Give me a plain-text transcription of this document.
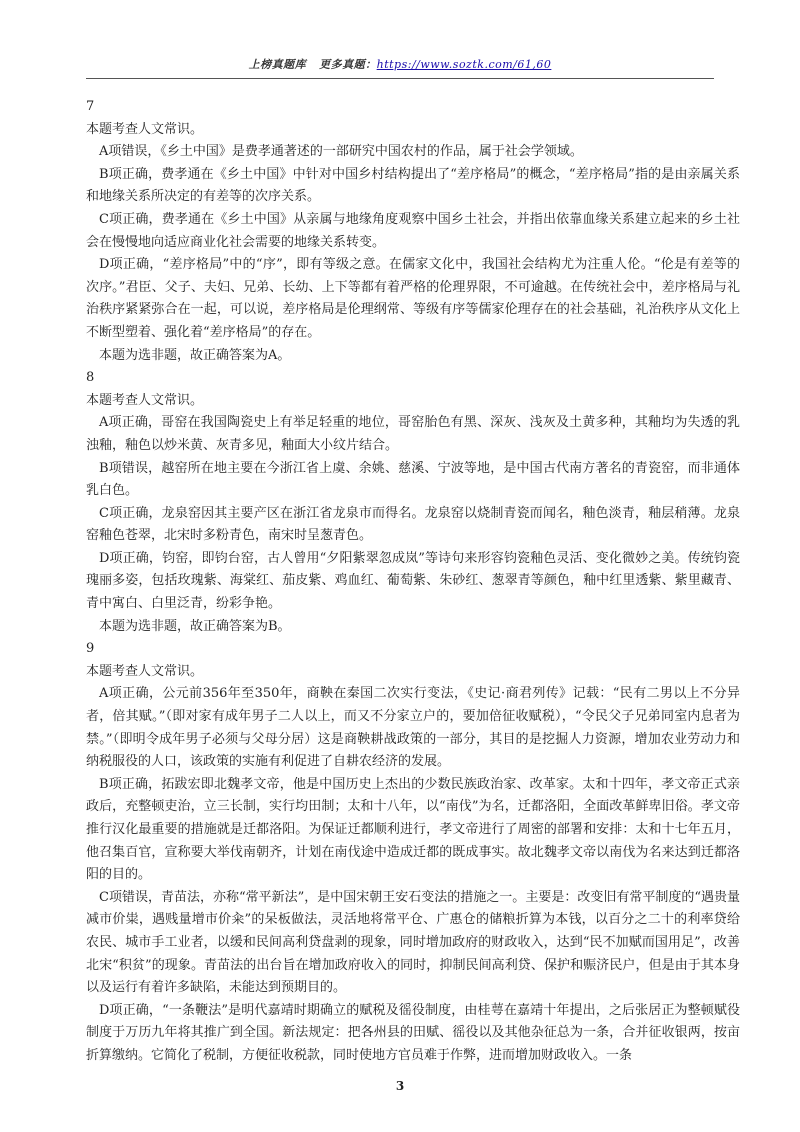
上榜真题库 更多真题：https://www.soztk.com/61,60

7

本题考查人文常识。

A项错误，《乡土中国》是费孝通著述的一部研究中国农村的作品，属于社会学领域。

B项正确，费孝通在《乡土中国》中针对中国乡村结构提出了“差序格局”的概念，“差序格局”指的是由亲属关系和地缘关系所决定的有差等的次序关系。

C项正确，费孝通在《乡土中国》从亲属与地缘角度观察中国乡土社会，并指出依靠血缘关系建立起来的乡土社会在慢慢地向适应商业化社会需要的地缘关系转变。

D项正确，“差序格局”中的“序”，即有等级之意。在儒家文化中，我国社会结构尤为注重人伦。“伦是有差等的次序。”君臣、父子、夫妇、兄弟、长幼、上下等都有着严格的伦理界限，不可逾越。在传统社会中，差序格局与礼治秩序紧紧弥合在一起，可以说，差序格局是伦理纲常、等级有序等儒家伦理存在的社会基础，礼治秩序从文化上不断型塑着、强化着“差序格局”的存在。

本题为选非题，故正确答案为A。

8

本题考查人文常识。

A项正确，哥窑在我国陶瓷史上有举足轻重的地位，哥窑胎色有黑、深灰、浅灰及土黄多种，其釉均为失透的乳浊釉，釉色以炒米黄、灰青多见，釉面大小纹片结合。

B项错误，越窑所在地主要在今浙江省上虞、余姚、慈溪、宁波等地，是中国古代南方著名的青瓷窑，而非通体乳白色。

C项正确，龙泉窑因其主要产区在浙江省龙泉市而得名。龙泉窑以烧制青瓷而闻名，釉色淡青，釉层稍薄。龙泉窑釉色苍翠，北宋时多粉青色，南宋时呈葱青色。

D项正确，钧窑，即钧台窑，古人曾用“夕阳紫翠忽成岚”等诗句来形容钧瓷釉色灵活、变化微妙之美。传统钧瓷瑰丽多姿，包括玫瑰紫、海棠红、茄皮紫、鸡血红、葡萄紫、朱砂红、葱翠青等颜色，釉中红里透紫、紫里藏青、青中寓白、白里泛青，纷彩争艳。

本题为选非题，故正确答案为B。

9

本题考查人文常识。

A项正确，公元前356年至350年，商鞅在秦国二次实行变法，《史记·商君列传》记载：“民有二男以上不分异者，倍其赋。”（即对家有成年男子二人以上，而又不分家立户的，要加倍征收赋税），“令民父子兄弟同室内息者为禁。”（即明令成年男子必须与父母分居）这是商鞅耕战政策的一部分，其目的是挖掘人力资源，增加农业劳动力和纳税服役的人口，该政策的实施有利促进了自耕农经济的发展。

B项正确，拓跋宏即北魏孝文帝，他是中国历史上杰出的少数民族政治家、改革家。太和十四年，孝文帝正式亲政后，充整顿吏治，立三长制，实行均田制；太和十八年，以“南伐”为名，迁都洛阳，全面改革鲜卑旧俗。孝文帝推行汉化最重要的措施就是迁都洛阳。为保证迁都顺利进行，孝文帝进行了周密的部署和安排：太和十七年五月，他召集百官，宣称要大举伐南朝齐，计划在南伐途中造成迁都的既成事实。故北魏孝文帝以南伐为名来达到迁都洛阳的目的。

C项错误，青苗法，亦称“常平新法”，是中国宋朝王安石变法的措施之一。主要是：改变旧有常平制度的“遇贵量减市价粜，遇贱量增市价籴”的呆板做法，灵活地将常平仓、广惠仓的储粮折算为本钱，以百分之二十的利率贷给农民、城市手工业者，以缓和民间高利贷盘剥的现象，同时增加政府的财政收入，达到“民不加赋而国用足”，改善北宋“积贫”的现象。青苗法的出台旨在增加政府收入的同时，抑制民间高利贷、保护和赈济民户，但是由于其本身以及运行有着许多缺陷，未能达到预期目的。

D项正确，“一条鞭法”是明代嘉靖时期确立的赋税及徭役制度，由桂萼在嘉靖十年提出，之后张居正为整顿赋役制度于万历九年将其推广到全国。新法规定：把各州县的田赋、徭役以及其他杂征总为一条，合并征收银两，按亩折算缴纳。它简化了税制，方便征收税款，同时使地方官员难于作弊，进而增加财政收入。一条

3
